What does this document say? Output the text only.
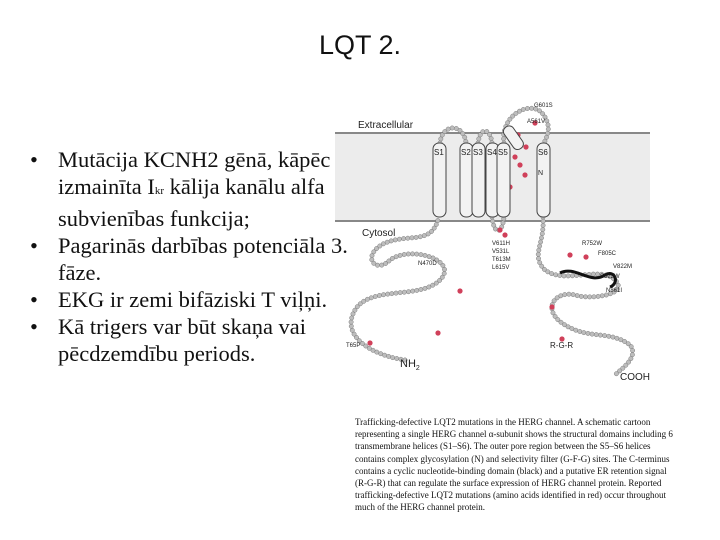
LQT 2.
• Mutācija KCNH2 gēnā, kāpēc izmainīta Ikr kālija kanālu alfa subvienības funkcija;
• Pagarinās darbības potenciāla 3. fāze.
• EKG ir zemi bifāziski T viļņi.
• Kā trigers var būt skaņa vai pēcdzemdību periods.
S1 S2 S3 S4 S5	S6
Extracellular
Cytosol
$NH_2$
COOH
G601S
A561V
N470D
V611H
V531L
T613M
L615V
R752W
F805C
V822M
S823W
N861I
T65P	R-G-R
N

Trafficking-defective LQT2 mutations in the HERG channel. A schematic cartoon representing a single HERG channel α-subunit shows the structural domains including 6 transmembrane helices (S1–S6). The outer pore region between the S5–S6 helices contains complex glycosylation (N) and selectivity filter (G-F-G) sites. The C-terminus contains a cyclic nucleotide-binding domain (black) and a putative ER retention signal (R-G-R) that can regulate the surface expression of HERG channel protein. Reported trafficking-defective LQT2 mutations (amino acids identified in red) occur throughout much of the HERG channel protein.
